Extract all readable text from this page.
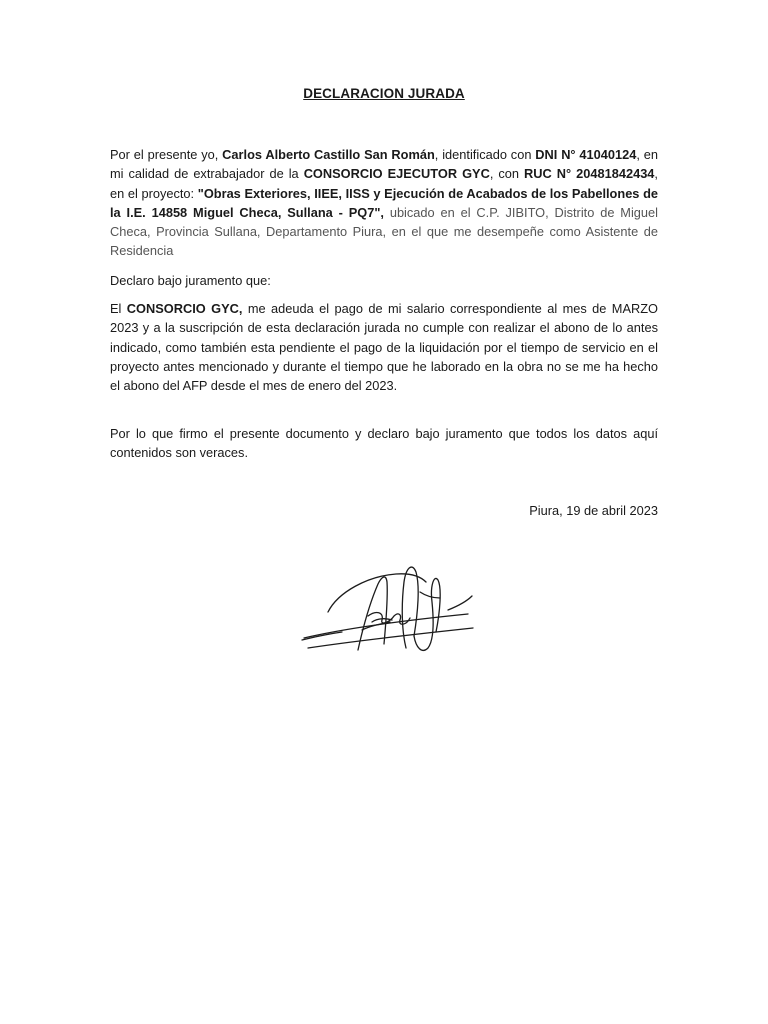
DECLARACION JURADA
Por el presente yo, Carlos Alberto Castillo San Román, identificado con DNI N° 41040124, en mi calidad de extrabajador de la CONSORCIO EJECUTOR GYC, con RUC N° 20481842434, en el proyecto: "Obras Exteriores, IIEE, IISS y Ejecución de Acabados de los Pabellones de la I.E. 14858 Miguel Checa, Sullana - PQ7", ubicado en el C.P. JIBITO, Distrito de Miguel Checa, Provincia Sullana, Departamento Piura, en el que me desempeñe como Asistente de Residencia
Declaro bajo juramento que:
El CONSORCIO GYC, me adeuda el pago de mi salario correspondiente al mes de MARZO 2023 y a la suscripción de esta declaración jurada no cumple con realizar el abono de lo antes indicado, como también esta pendiente el pago de la liquidación por el tiempo de servicio en el proyecto antes mencionado y durante el tiempo que he laborado en la obra no se me ha hecho el abono del AFP desde el mes de enero del 2023.
Por lo que firmo el presente documento y declaro bajo juramento que todos los datos aquí contenidos son veraces.
Piura, 19 de abril 2023
